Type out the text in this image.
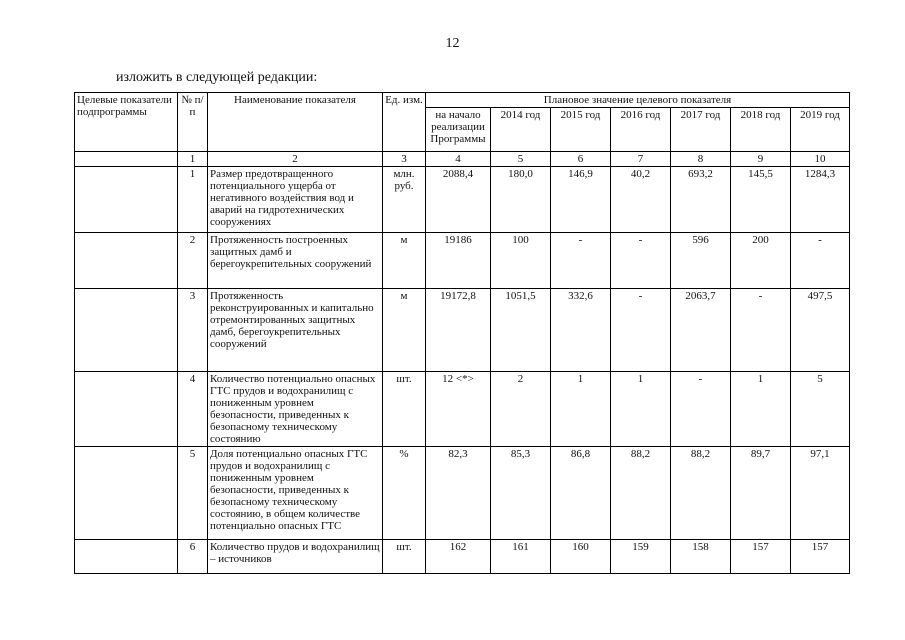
12
изложить в следующей редакции:
Целевые показатели подпрограммы	№ п/п	Наименование показателя	Ед. изм.	Плановое значение целевого показателя						
				на начало реализации Программы	2014 год	2015 год	2016 год	2017 год	2018 год	2019 год
	1	2	3	4	5	6	7	8	9	10
	1	Размер предотвращенного потенциального ущерба от негативного воздействия вод и аварий на гидротехнических сооружениях	млн. руб.	2088,4	180,0	146,9	40,2	693,2	145,5	1284,3
	2	Протяженность построенных защитных дамб и берегоукрепительных сооружений	м	19186	100	-	-	596	200	-
	3	Протяженность реконструированных и капитально отремонтированных защитных дамб, берегоукрепительных сооружений	м	19172,8	1051,5	332,6	-	2063,7	-	497,5
	4	Количество потенциально опасных ГТС прудов и водохранилищ с пониженным уровнем безопасности, приведенных к безопасному техническому состоянию	шт.	12 <*>	2	1	1	-	1	5
	5	Доля потенциально опасных ГТС прудов и водохранилищ с пониженным уровнем безопасности, приведенных к безопасному техническому состоянию, в общем количестве потенциально опасных ГТС	%	82,3	85,3	86,8	88,2	88,2	89,7	97,1
	6	Количество прудов и водохранилищ – источников	шт.	162	161	160	159	158	157	157
